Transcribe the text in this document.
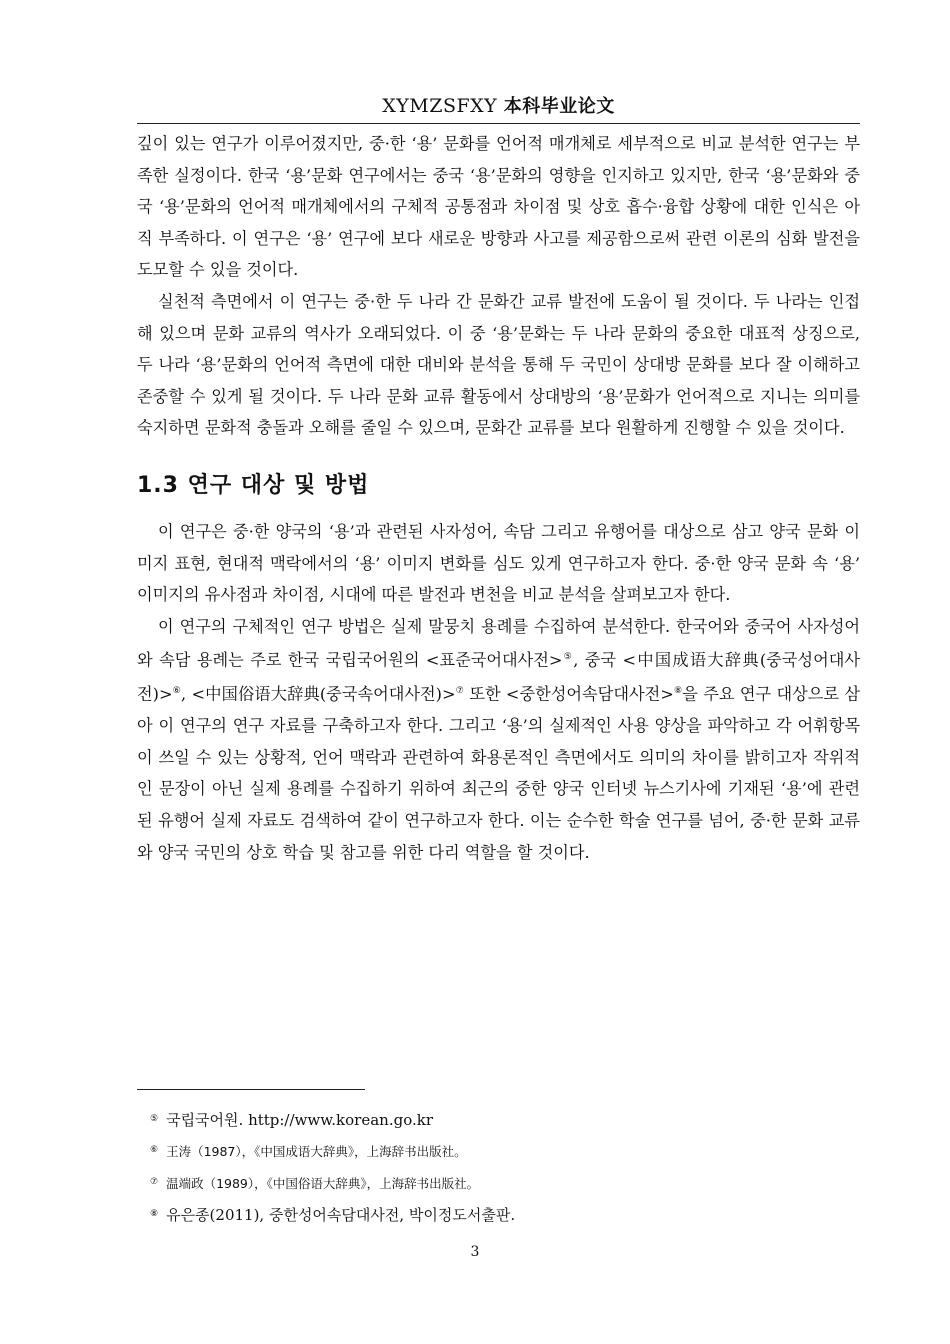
XYMZSFXY 本科毕业论文

깊이 있는 연구가 이루어졌지만, 중·한 ‘용’ 문화를 언어적 매개체로 세부적으로 비교 분석한 연구는 부족한 실정이다. 한국 ‘용’문화 연구에서는 중국 ‘용’문화의 영향을 인지하고 있지만, 한국 ‘용’문화와 중국 ‘용’문화의 언어적 매개체에서의 구체적 공통점과 차이점 및 상호 흡수·융합 상황에 대한 인식은 아직 부족하다. 이 연구은 ‘용’ 연구에 보다 새로운 방향과 사고를 제공함으로써 관련 이론의 심화 발전을 도모할 수 있을 것이다.

실천적 측면에서 이 연구는 중·한 두 나라 간 문화간 교류 발전에 도움이 될 것이다. 두 나라는 인접해 있으며 문화 교류의 역사가 오래되었다. 이 중 ‘용’문화는 두 나라 문화의 중요한 대표적 상징으로, 두 나라 ‘용’문화의 언어적 측면에 대한 대비와 분석을 통해 두 국민이 상대방 문화를 보다 잘 이해하고 존중할 수 있게 될 것이다. 두 나라 문화 교류 활동에서 상대방의 ‘용’문화가 언어적으로 지니는 의미를 숙지하면 문화적 충돌과 오해를 줄일 수 있으며, 문화간 교류를 보다 원활하게 진행할 수 있을 것이다.

1.3 연구 대상 및 방법

이 연구은 중·한 양국의 ‘용’과 관련된 사자성어, 속담 그리고 유행어를 대상으로 삼고 양국 문화 이미지 표현, 현대적 맥락에서의 ‘용’ 이미지 변화를 심도 있게 연구하고자 한다. 중·한 양국 문화 속 ‘용’ 이미지의 유사점과 차이점, 시대에 따른 발전과 변천을 비교 분석을 살펴보고자 한다.

이 연구의 구체적인 연구 방법은 실제 말뭉치 용례를 수집하여 분석한다. 한국어와 중국어 사자성어와 속담 용례는 주로 한국 국립국어원의 <표준국어대사전>⑤, 중국 <中国成语大辞典(중국성어대사전)>⑥, <中国俗语大辞典(중국속어대사전)>⑦ 또한 <중한성어속담대사전>⑧을 주요 연구 대상으로 삼아 이 연구의 연구 자료를 구축하고자 한다. 그리고 ‘용’의 실제적인 사용 양상을 파악하고 각 어휘항목이 쓰일 수 있는 상황적, 언어 맥락과 관련하여 화용론적인 측면에서도 의미의 차이를 밝히고자 작위적인 문장이 아닌 실제 용례를 수집하기 위하여 최근의 중한 양국 인터넷 뉴스기사에 기재된 ‘용’에 관련된 유행어 실제 자료도 검색하여 같이 연구하고자 한다. 이는 순수한 학술 연구를 넘어, 중·한 문화 교류와 양국 국민의 상호 학습 및 참고를 위한 다리 역할을 할 것이다.

⑤ 국립국어원. http://www.korean.go.kr

⑥ 王涛（1987），《中国成语大辞典》，上海辞书出版社。

⑦ 温端政（1989），《中国俗语大辞典》，上海辞书出版社。

⑧ 유은종(2011), 중한성어속담대사전, 박이정도서출판.

3
